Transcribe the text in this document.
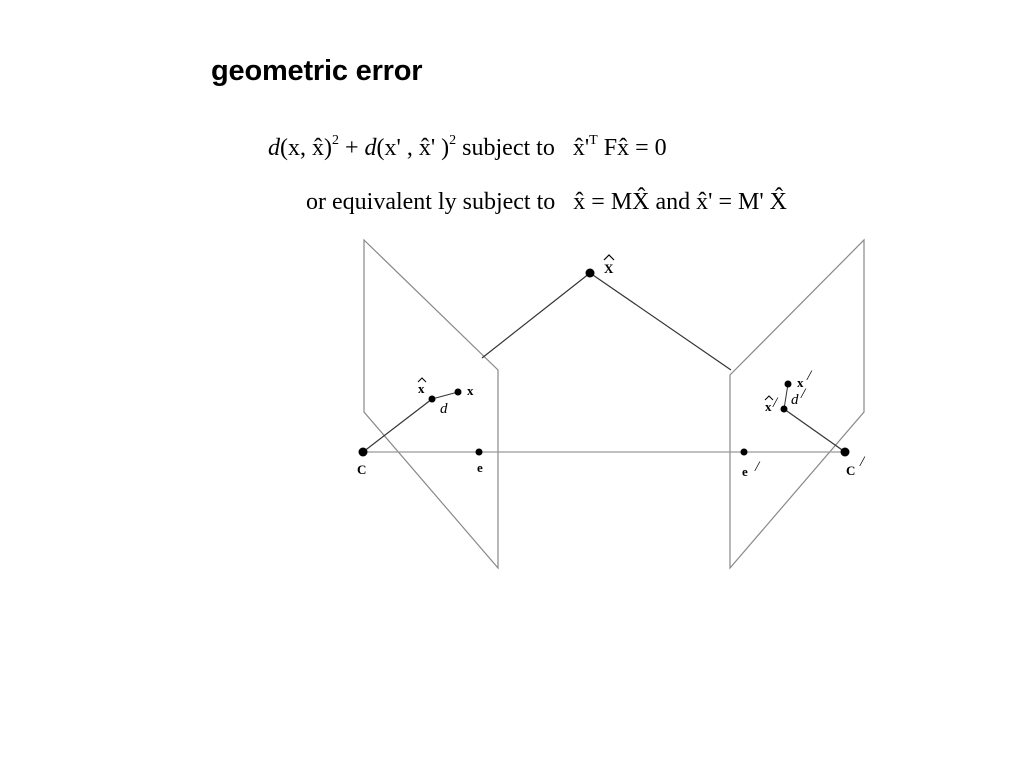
geometric error
d(x, x̂)$^2$ + d(x' , x̂' )$^2$ subject to $x̂'^T$ Fx̂ = 0
or equivalent ly subject to x̂ = MX̂ and x̂' = M' X̂
X
x	x
d
C	e
x /
x / d /
e /	C
/
